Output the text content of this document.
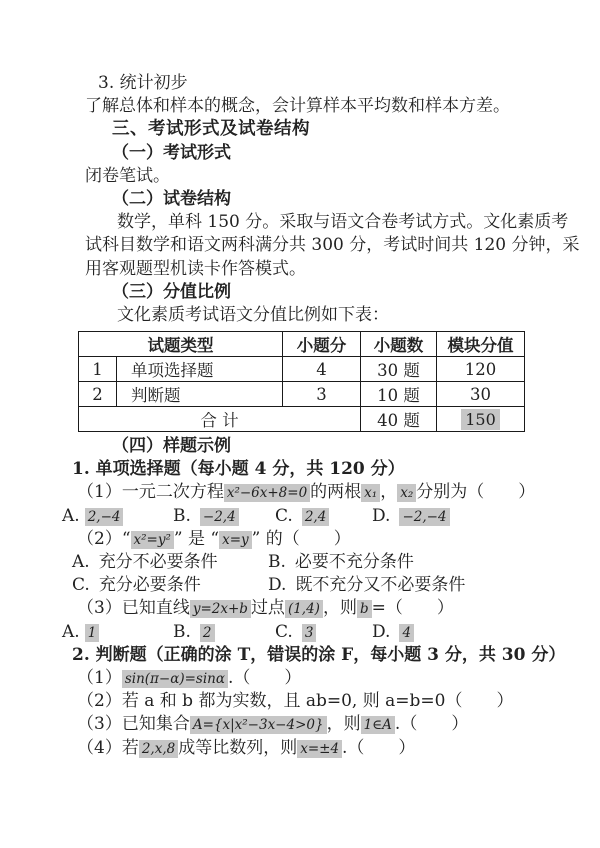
3. 统计初步
了解总体和样本的概念，会计算样本平均数和样本方差。
三、考试形式及试卷结构
（一）考试形式
闭卷笔试。
（二）试卷结构
数学，单科 150 分。采取与语文合卷考试方式。文化素质考
试科目数学和语文两科满分共 300 分，考试时间共 120 分钟，采
用客观题型机读卡作答模式。
（三）分值比例
文化素质考试语文分值比例如下表：
试题类型		小题分	小题数	模块分值
1	单项选择题	4	30 题	120
2	判断题	3	10 题	30
合 计			40 题	150
（四）样题示例
1. 单项选择题（每小题 4 分，共 120 分）
（1）一元二次方程 x²−6x+8=0 的两根 x₁ ， x₂ 分别为（　　）
A. 2,−4	B. −2,4	C. 2,4	D. −2,−4
（2）“ x²=y² ” 是 “ x=y ” 的（　　）
A. 充分不必要条件	B. 必要不充分条件
C. 充分必要条件	D. 既不充分又不必要条件
（3）已知直线 y=2x+b 过点 (1,4) ，则 b =（　　）
A. 1	B. 2	C. 3	D. 4
2. 判断题（正确的涂 T，错误的涂 F，每小题 3 分，共 30 分）
（1） sin(π−α)=sinα .（　　）
（2）若 a 和 b 都为实数，且 ab=0, 则 a=b=0（　　）
（3）已知集合 A={x|x²−3x−4>0} ，则 1∈A .（　　）
（4）若 2,x,8 成等比数列，则 x=±4 .（　　）
